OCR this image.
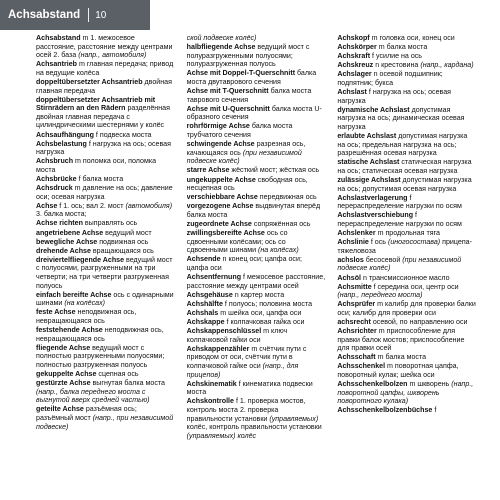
Achsabstand 10
Achsabstand m 1. межосевое расстояние, расстояние между центрами осей 2. база (напр., автомобиля)
Achsantrieb m главная передача; привод на ведущие колёса
doppeltübersetzter Achsantrieb двойная главная передача
doppeltübersetzter Achsantrieb mit Stirnrädern an den Rädern разделённая двойная главная передача с цилиндрическими шестернями у колёс
Achsaufhängung f подвеска моста
Achsbelastung f нагрузка на ось; осевая нагрузка
Achsbruch m поломка оси, поломка моста
Achsbrücke f балка моста
Achsdruck m давление на ось; давление оси; осевая нагрузка
Achse f 1. ось; вал 2. мост (автомобиля) 3. балка моста;
Achse richten выправлять ось
angetriebene Achse ведущий мост
bewegliche Achse подвижная ось
drehende Achse вращающаяся ось
dreiviertelfliegende Achse ведущий мост с полуосями, разгруженными на три четверти; на три четверти разгруженная полуось
einfach bereifte Achse ось с одинарными шинами (на колёсах)
feste Achse неподвижная ось, невращающаяся ось
feststehende Achse неподвижная ось, невращающаяся ось
fliegende Achse ведущий мост с полностью разгруженными полуосями; полностью разгруженная полуось
gekuppelte Achse сцепная ось
gestürzte Achse выгнутая балка моста (напр., балка переднего моста с выгнутой вверх средней частью)
geteilte Achse разъёмная ось; разъёмный мост (напр., при независимой подвеске)
ской подвеске колёс)
halbfliegende Achse ведущий мост с полуразгруженными полуосями; полуразгруженная полуось
Achse mit Doppel-T-Querschnitt балка моста двутаврового сечения
Achse mit T-Querschnitt балка моста таврового сечения
Achse mit U-Querschnitt балка моста U-образного сечения
rohrförmige Achse балка моста трубчатого сечения
schwingende Achse разрезная ось, качающаяся ось (при независимой подвеске колёс)
starre Achse жёсткий мост; жёсткая ось
ungekuppelte Achse свободная ось, несцепная ось
verschiebbare Achse передвижная ось
vorgezogene Achse выдвинутая вперёд балка моста
zugeordnete Achse сопряжённая ось
zwillingsbereifte Achse ось со сдвоенными колёсами; ось со сдвоенными шинами (на колёсах)
Achsende n конец оси; цапфа оси; цапфа оси
Achsentfernung f межосевое расстояние, расстояние между центрами осей
Achsgehäuse n картер моста
Achshälfte f полуось; половина моста
Achshals m шейка оси, цапфа оси
Achskappe f колпачковая гайка оси
Achskappenschlüssel m ключ колпачковой гайки оси
Achskappenzähler m счётчик пути с приводом от оси, счётчик пути в колпачковой гайке оси (напр., для прицепов)
Achskinematik f кинематика подвески моста
Achskontrolle f 1. проверка мостов, контроль моста 2. проверка правильности установки (управляемых) колёс, контроль правильности установки
(управляемых) колёс
Achskopf m головка оси, конец оси
Achskörper m балка моста
Achskraft f усилие на ось
Achskreuz n крестовина (напр., карданa)
Achslager n осевой подшипник; подпятник; букса
Achslast f нагрузка на ось; осевая нагрузка
dynamische Achslast допустимая нагрузка на ось; динамическая осевая нагрузка
erlaubte Achslast допустимая нагрузка на ось; предельная нагрузка на ось; разрешённая осевая нагрузка
statische Achslast статическая нагрузка на ось; статическая осевая нагрузка
zulässige Achslast допустимая нагрузка на ось; допустимая осевая нагрузка
Achslastverlagerung f перераспределение нагрузки по осям
Achslastverschiebung f перераспределение нагрузки по осям
Achslenker m продольная тяга
Achslinie f ось (иногосостава) прицепа-тяжеловоза
achslos бесосевой (при независимой подвеске колёс)
Achsöl n трансмиссионное масло
Achsmitte f середина оси, центр оси (напр., переднего моста)
Achsprüfer m калибр для проверки балки оси; калибр для проверки оси
achsrecht осевой, по направлению оси
Achsrichter m приспособление для правки балок мостов; приспособление для правки осей
Achsschaft m балка моста
Achsschenkel m поворотная цапфа, поворотный кулак; шейка оси
Achsschenkelbolzen m шкворень (напр., поворотной цапфы, шкворень поворотного кулака)
Achsschenkelbolzenbüchse f
